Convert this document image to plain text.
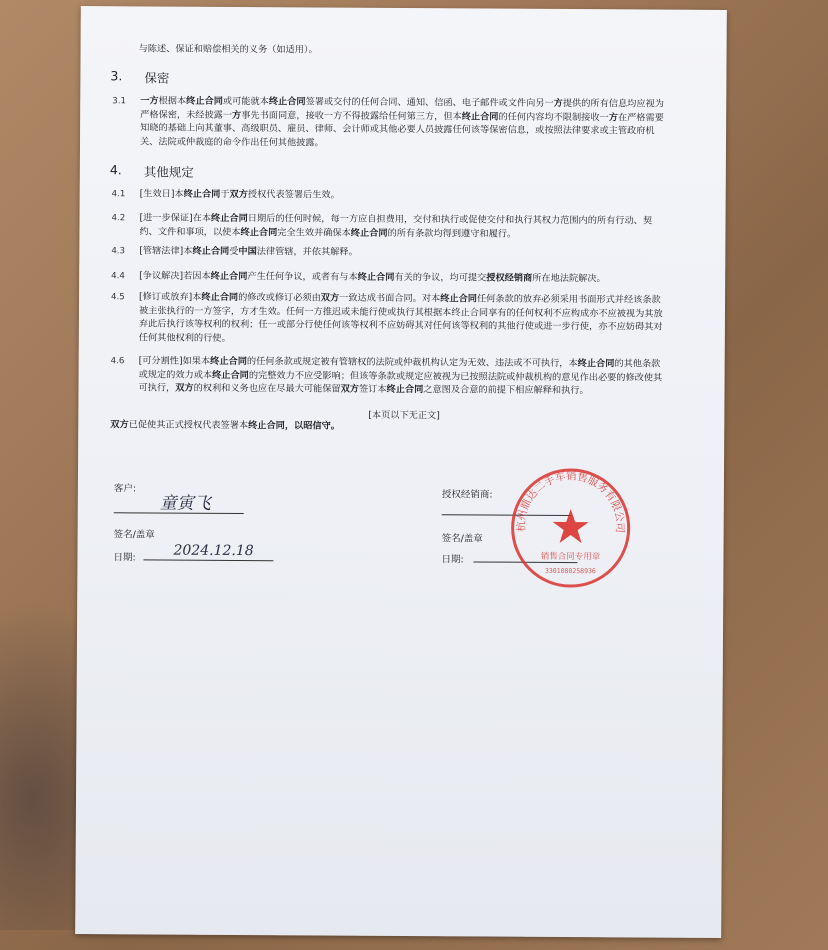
与陈述、保证和赔偿相关的义务（如适用）。
3. 保密
3.1 一方根据本终止合同或可能就本终止合同签署或交付的任何合同、通知、信函、电子邮件或文件向另一方提供的所有信息均应视为
严格保密，未经披露一方事先书面同意，接收一方不得披露给任何第三方，但本终止合同的任何内容均不限制接收一方在严格需要
知晓的基础上向其董事、高级职员、雇员、律师、会计师或其他必要人员披露任何该等保密信息，或按照法律要求或主管政府机
关、法院或仲裁庭的命令作出任何其他披露。
4. 其他规定
4.1 [生效日]本终止合同于双方授权代表签署后生效。
4.2 [进一步保证]在本终止合同日期后的任何时候，每一方应自担费用，交付和执行或促使交付和执行其权力范围内的所有行动、契
约、文件和事项，以使本终止合同完全生效并确保本终止合同的所有条款均得到遵守和履行。
4.3 [管辖法律]本终止合同受中国法律管辖，并依其解释。
4.4 [争议解决]若因本终止合同产生任何争议，或者有与本终止合同有关的争议，均可提交授权经销商所在地法院解决。
4.5 [修订或放弃]本终止合同的修改或修订必须由双方一致达成书面合同。对本终止合同任何条款的放弃必须采用书面形式并经该条款
被主张执行的一方签字，方才生效。任何一方推迟或未能行使或执行其根据本终止合同享有的任何权利不应构成亦不应被视为其放
弃此后执行该等权利的权利；任一或部分行使任何该等权利不应妨碍其对任何该等权利的其他行使或进一步行使，亦不应妨碍其对
任何其他权利的行使。
4.6 [可分割性]如果本终止合同的任何条款或规定被有管辖权的法院或仲裁机构认定为无效、违法或不可执行，本终止合同的其他条款
或规定的效力或本终止合同的完整效力不应受影响；但该等条款或规定应被视为已按照法院或仲裁机构的意见作出必要的修改使其
可执行，双方的权利和义务也应在尽最大可能保留双方签订本终止合同之意图及合意的前提下相应解释和执行。
[本页以下无正文]
双方已促使其正式授权代表签署本终止合同，以昭信守。
客户:
童寅飞
签名/盖章
日期:	2024.12.18
授权经销商:
签名/盖章
日期:
杭州鼎达二手车销售服务有限公司
销售合同专用章
3301080258936
